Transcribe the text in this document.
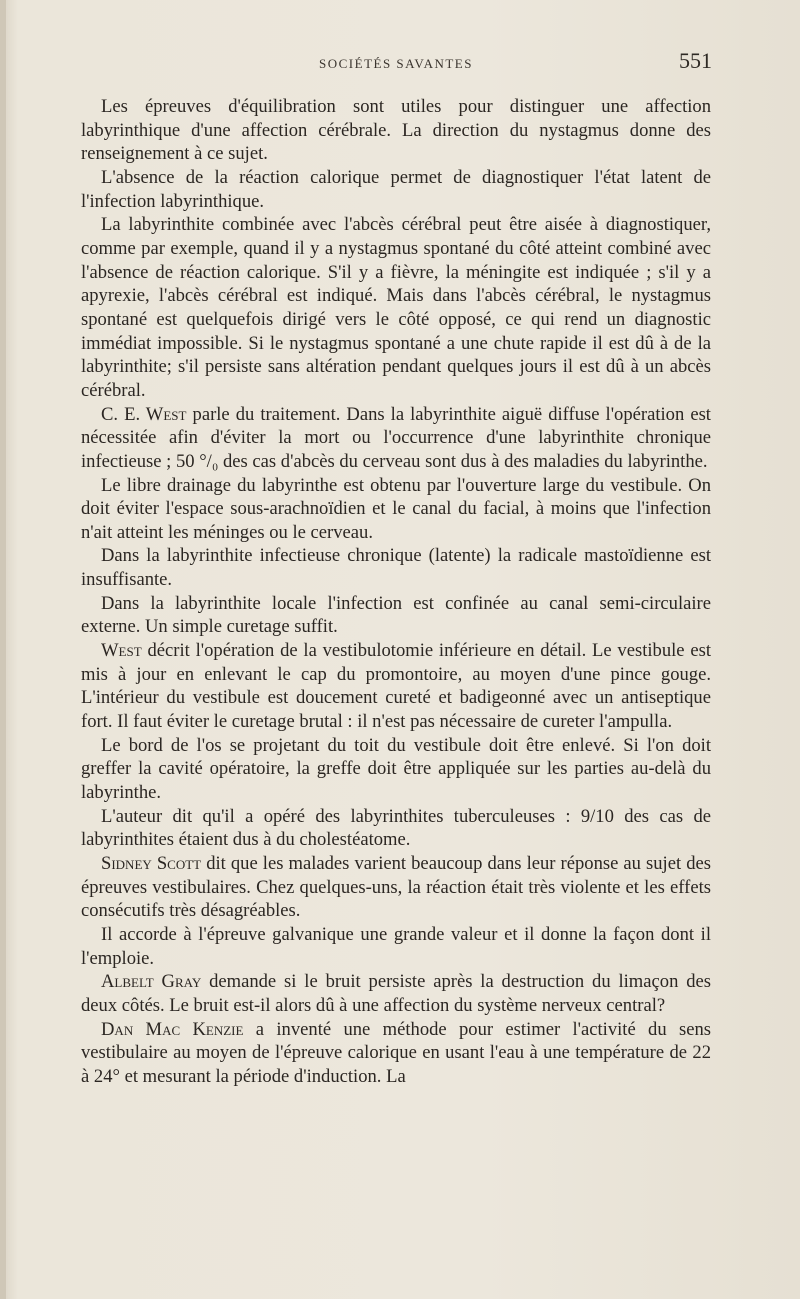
SOCIÉTÉS SAVANTES	551

Les épreuves d'équilibration sont utiles pour distinguer une affection labyrinthique d'une affection cérébrale. La direction du nystagmus donne des renseignement à ce sujet.

L'absence de la réaction calorique permet de diagnostiquer l'état latent de l'infection labyrinthique.

La labyrinthite combinée avec l'abcès cérébral peut être aisée à diagnostiquer, comme par exemple, quand il y a nystagmus spontané du côté atteint combiné avec l'absence de réaction calorique. S'il y a fièvre, la méningite est indiquée ; s'il y a apyrexie, l'abcès cérébral est indiqué. Mais dans l'abcès cérébral, le nystagmus spontané est quelquefois dirigé vers le côté opposé, ce qui rend un diagnostic immédiat impossible. Si le nystagmus spontané a une chute rapide il est dû à de la labyrinthite; s'il persiste sans altération pendant quelques jours il est dû à un abcès cérébral.

C. E. West parle du traitement. Dans la labyrinthite aiguë diffuse l'opération est nécessitée afin d'éviter la mort ou l'occurrence d'une labyrinthite chronique infectieuse ; 50 °/₀ des cas d'abcès du cerveau sont dus à des maladies du labyrinthe.

Le libre drainage du labyrinthe est obtenu par l'ouverture large du vestibule. On doit éviter l'espace sous-arachnoïdien et le canal du facial, à moins que l'infection n'ait atteint les méninges ou le cerveau.

Dans la labyrinthite infectieuse chronique (latente) la radicale mastoïdienne est insuffisante.

Dans la labyrinthite locale l'infection est confinée au canal semi-circulaire externe. Un simple curetage suffit.

West décrit l'opération de la vestibulotomie inférieure en détail. Le vestibule est mis à jour en enlevant le cap du promontoire, au moyen d'une pince gouge. L'intérieur du vestibule est doucement cureté et badigeonné avec un antiseptique fort. Il faut éviter le curetage brutal : il n'est pas nécessaire de cureter l'ampulla.

Le bord de l'os se projetant du toit du vestibule doit être enlevé. Si l'on doit greffer la cavité opératoire, la greffe doit être appliquée sur les parties au-delà du labyrinthe.

L'auteur dit qu'il a opéré des labyrinthites tuberculeuses : 9/10 des cas de labyrinthites étaient dus à du cholestéatome.

Sidney Scott dit que les malades varient beaucoup dans leur réponse au sujet des épreuves vestibulaires. Chez quelques-uns, la réaction était très violente et les effets consécutifs très désagréables.

Il accorde à l'épreuve galvanique une grande valeur et il donne la façon dont il l'emploie.

Albelt Gray demande si le bruit persiste après la destruction du limaçon des deux côtés. Le bruit est-il alors dû à une affection du système nerveux central?

Dan Mac Kenzie a inventé une méthode pour estimer l'activité du sens vestibulaire au moyen de l'épreuve calorique en usant l'eau à une température de 22 à 24° et mesurant la période d'induction. La
